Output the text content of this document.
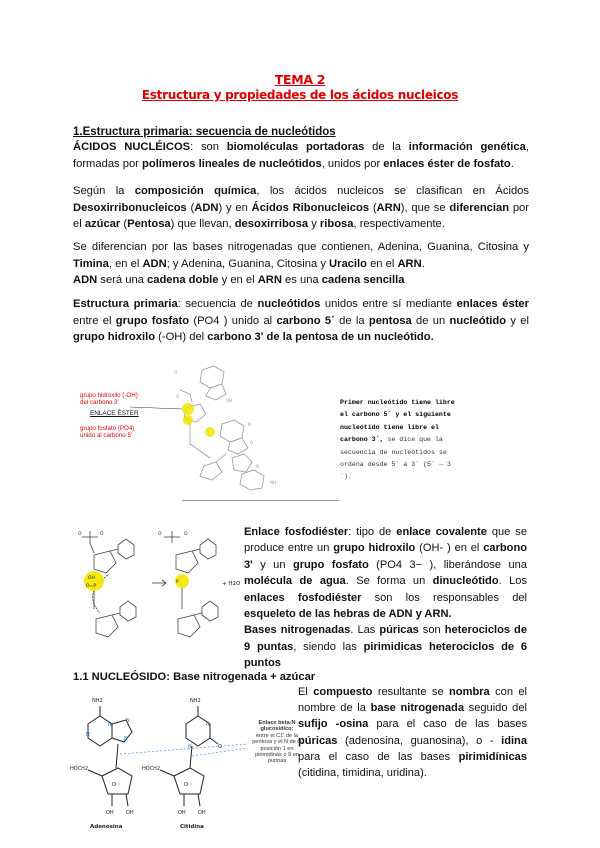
TEMA 2
Estructura y propiedades de los ácidos nucleicos
1.Estructura primaria: secuencia de nucleótidos
ÁCIDOS NUCLÉICOS: son biomoléculas portadoras de la información genética, formadas por polímeros lineales de nucleótidos, unidos por enlaces éster de fosfato.
Según la composición química, los ácidos nucleicos se clasifican en Ácidos Desoxirribonucleicos (ADN) y en Ácidos Ribonucleicos (ARN), que se diferencian por el azúcar (Pentosa) que llevan, desoxirribosa y ribosa, respectivamente.
Se diferencian por las bases nitrogenadas que contienen, Adenina, Guanina, Citosina y Timina, en el ADN; y Adenina, Guanina, Citosina y Uracilo en el ARN.
ADN será una cadena doble y en el ARN es una cadena sencilla
Estructura primaria: secuencia de nucleótidos unidos entre sí mediante enlaces éster entre el grupo fosfato (PO4 ) unido al carbono 5´ de la pentosa de un nucleótido y el grupo hidroxilo (-OH) del carbono 3' de la pentosa de un nucleótido.
O
O
OH
N
O
N
NH
grupo hidroxilo (-OH) del carbono 3'
ENLACE ÉSTER
grupo fosfato (PO4) unido al carbono 5'
Primer nucleótido tiene libre el carbono 5´ y el siguiente nucleótido tiene libre el carbono 3´, se dice que la secuencia de nucleótidos se ordena desde 5´ a 3´ (5´ → 3´).
O	O
OH
O=P
O	O
P	+ H2O
Enlace fosfodiéster: tipo de enlace covalente que se produce entre un grupo hidroxilo (OH- ) en el carbono 3' y un grupo fosfato (PO4 3− ), liberándose una molécula de agua. Se forma un dinucleótido. Los enlaces fosfodiéster son los responsables del esqueleto de las hebras de ADN y ARN.
Bases nitrogenadas. Las púricas son heterociclos de 9 puntas, siendo las pirimidicas heterociclos de 6 puntos
1.1 NUCLEÓSIDO: Base nitrogenada + azúcar
El compuesto resultante se nombra con el nombre de la base nitrogenada seguido del sufijo -osina para el caso de las bases púricas (adenosina, guanosina), o - idina para el caso de las bases pirimidínicas (citidina, timidina, uridina).
N
N
N
N
N
N	O
O	O
NH2	NH2
HOCH2	HOCH2
OH OH	OH OH
Adenosina	Citidina
Enlace beta-N glucosídico:
entre el C1' de la pentosa y el N de la posición 1 en pirimidinas o 9 en purinas
